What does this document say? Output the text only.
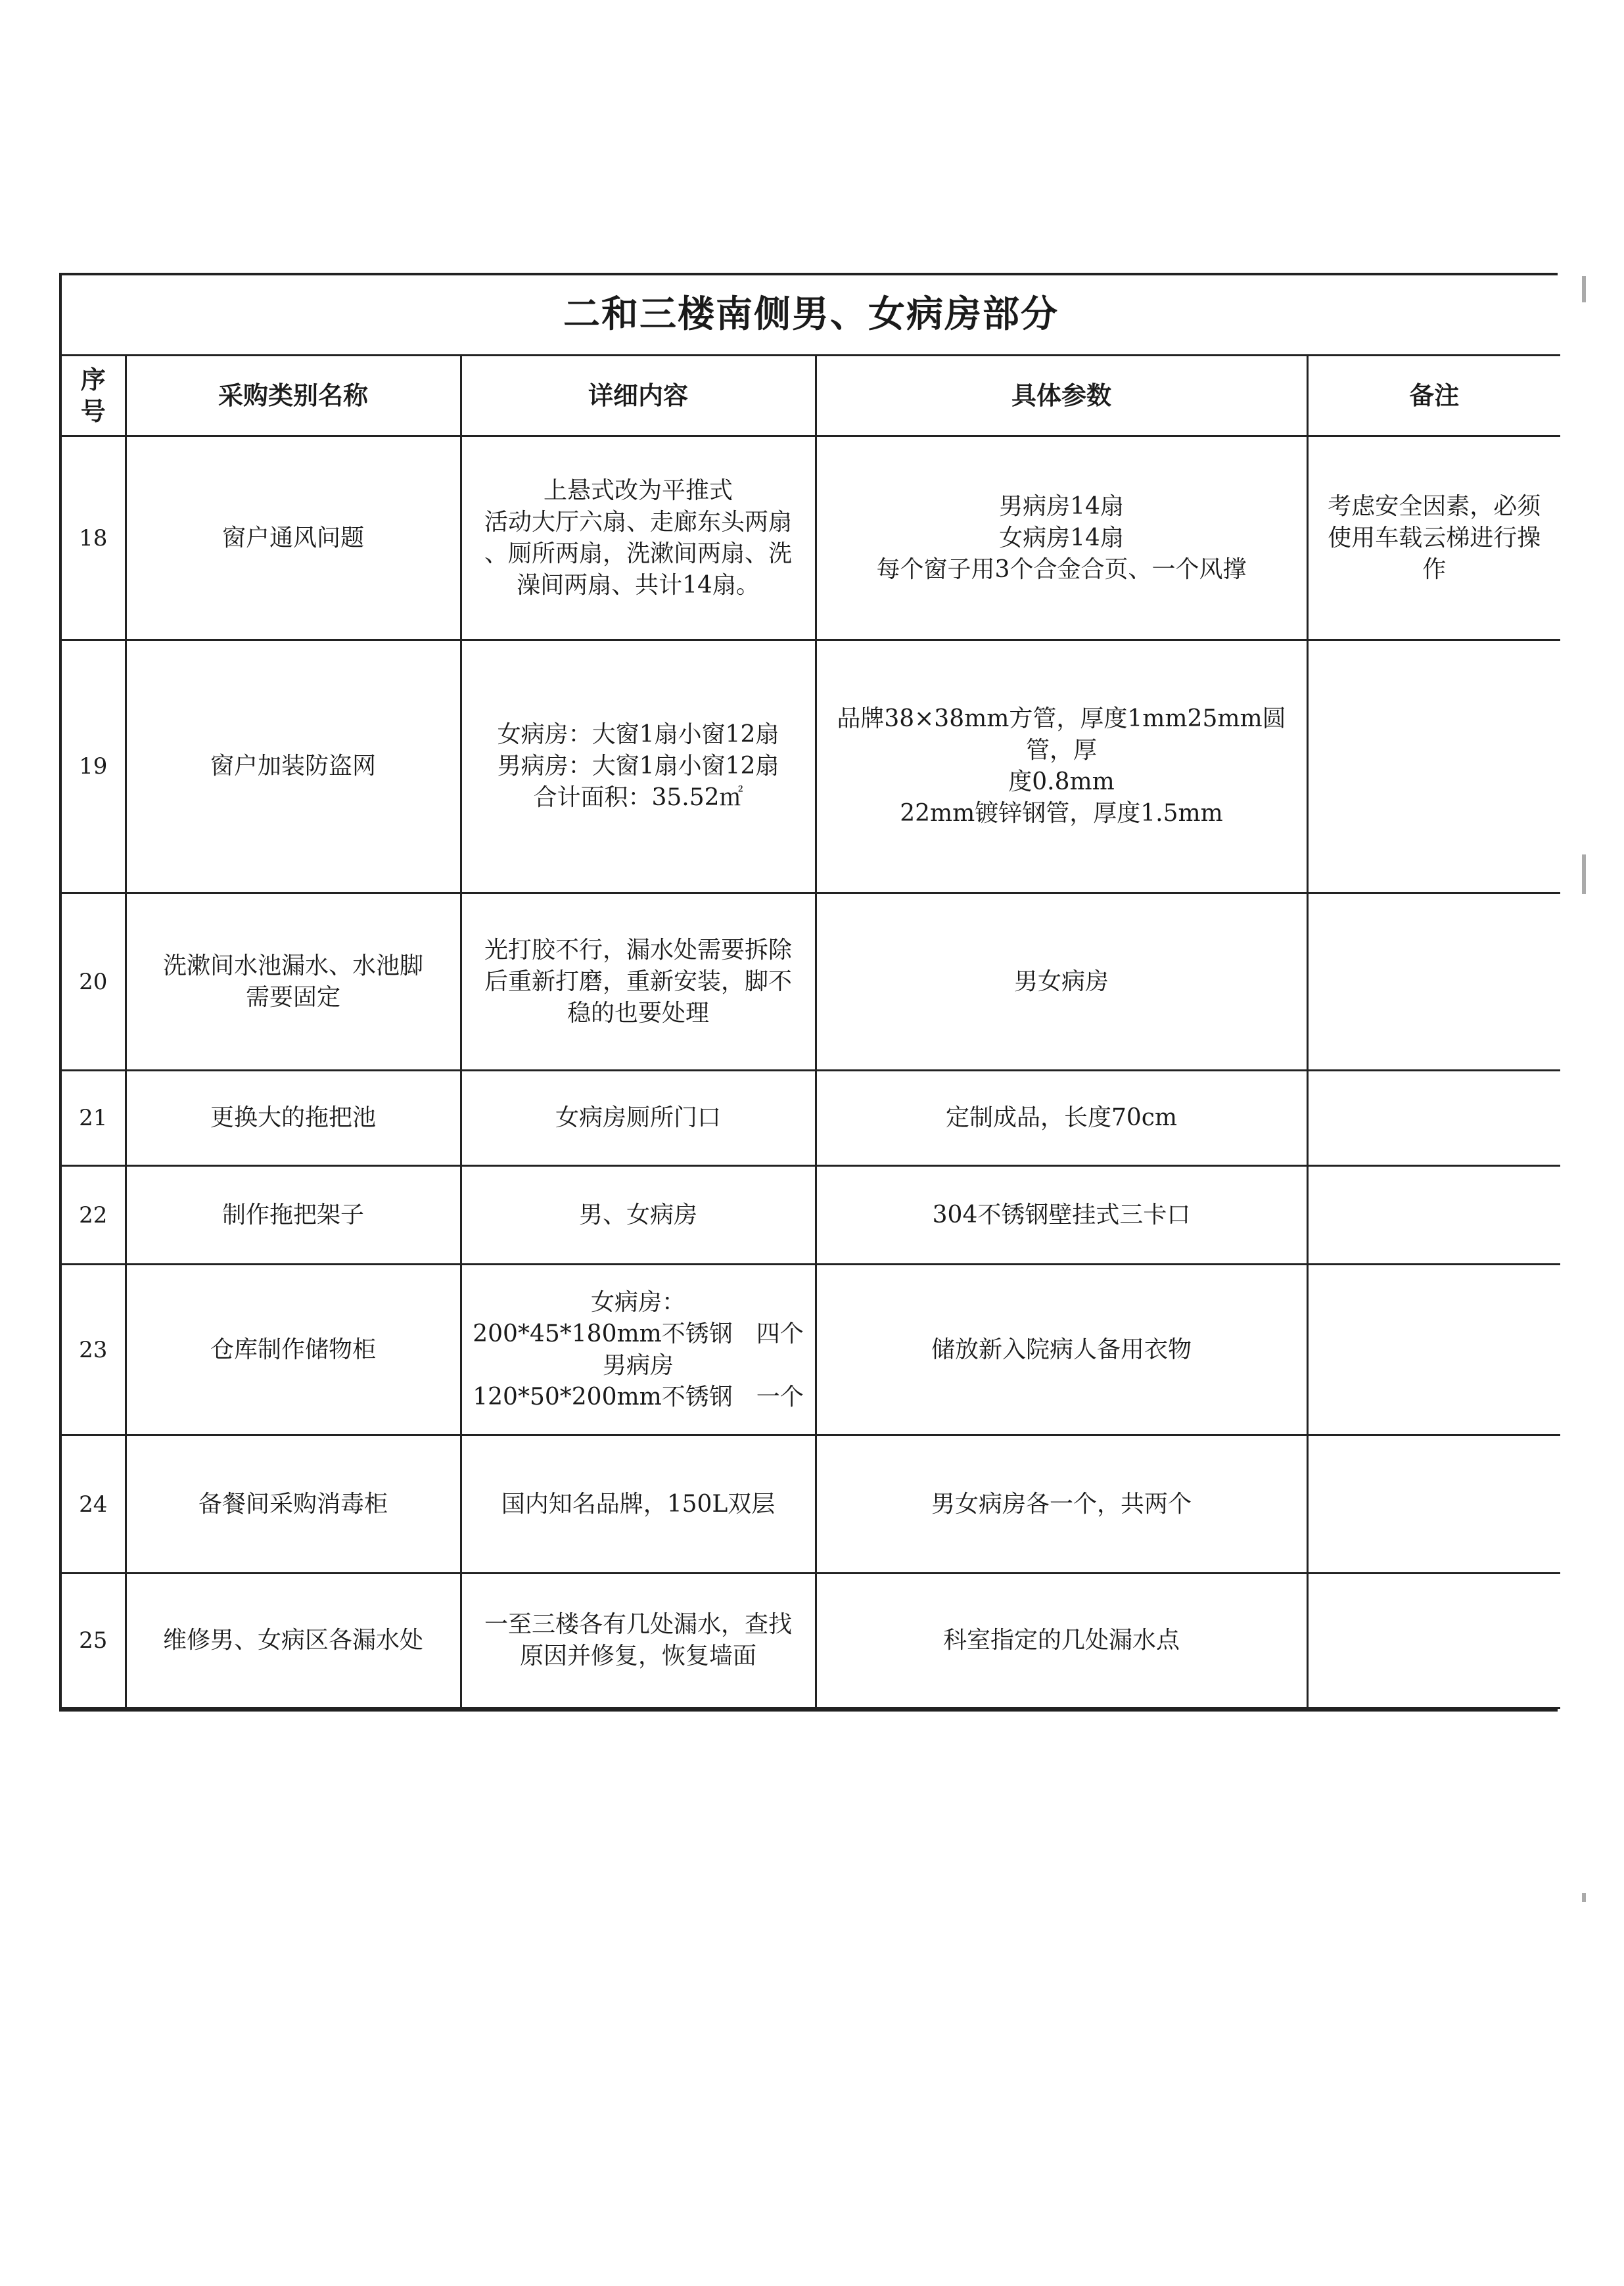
二和三楼南侧男、女病房部分				
序号	采购类别名称	详细内容	具体参数	备注
18	窗户通风问题	上悬式改为平推式
活动大厅六扇、走廊东头两扇
、厕所两扇，洗漱间两扇、洗
澡间两扇、共计14扇。	男病房14扇
女病房14扇
每个窗子用3个合金合页、一个风撑	考虑安全因素，必须
使用车载云梯进行操
作

19	窗户加装防盗网	女病房：大窗1扇小窗12扇
男病房：大窗1扇小窗12扇
合计面积：35.52㎡	品牌38×38mm方管，厚度1mm25mm圆管，厚
度0.8mm
22mm镀锌钢管，厚度1.5mm	

20	洗漱间水池漏水、水池脚
需要固定	光打胶不行，漏水处需要拆除
后重新打磨，重新安装，脚不
稳的也要处理	男女病房	

21	更换大的拖把池	女病房厕所门口	定制成品，长度70cm	

22	制作拖把架子	男、女病房	304不锈钢壁挂式三卡口	

23	仓库制作储物柜	女病房：
200*45*180mm不锈钢　四个
男病房
120*50*200mm不锈钢　一个	储放新入院病人备用衣物	

24	备餐间采购消毒柜	国内知名品牌，150L双层	男女病房各一个，共两个	

25	维修男、女病区各漏水处	一至三楼各有几处漏水，查找
原因并修复，恢复墙面	科室指定的几处漏水点	
